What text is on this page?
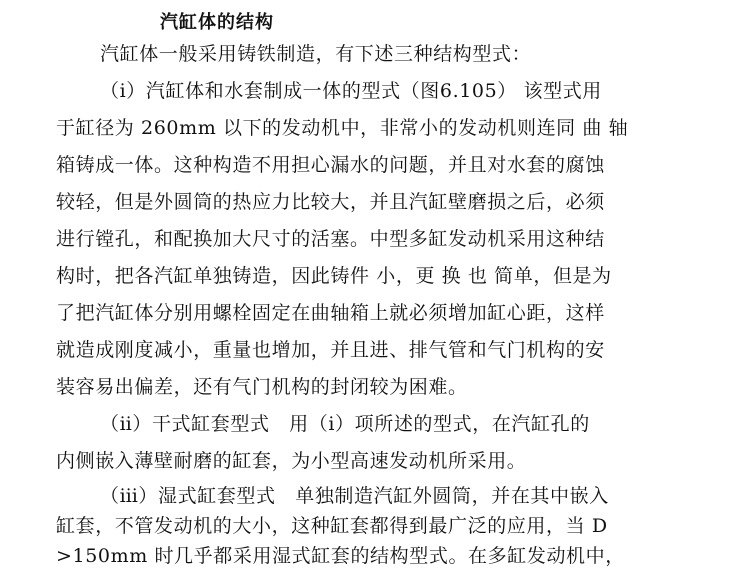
汽缸体的结构
汽缸体一般采用铸铁制造，有下述三种结构型式：
（ⅰ）汽缸体和水套制成一体的型式（图6.105） 该型式用
于缸径为 260mm 以下的发动机中，非常小的发动机则连同 曲 轴
箱铸成一体。这种构造不用担心漏水的问题，并且对水套的腐蚀
较轻，但是外圆筒的热应力比较大，并且汽缸壁磨损之后，必须
进行镗孔，和配换加大尺寸的活塞。中型多缸发动机采用这种结
构时，把各汽缸单独铸造，因此铸件 小，更 换 也 简单，但是为
了把汽缸体分别用螺栓固定在曲轴箱上就必须增加缸心距，这样
就造成刚度减小，重量也增加，并且进、排气管和气门机构的安
装容易出偏差，还有气门机构的封闭较为困难。
（ⅱ）干式缸套型式　用（ⅰ）项所述的型式，在汽缸孔的
内侧嵌入薄壁耐磨的缸套，为小型高速发动机所采用。
（ⅲ）湿式缸套型式　单独制造汽缸外圆筒，并在其中嵌入
缸套，不管发动机的大小，这种缸套都得到最广泛的应用，当 D
>150mm 时几乎都采用湿式缸套的结构型式。在多缸发动机中，
